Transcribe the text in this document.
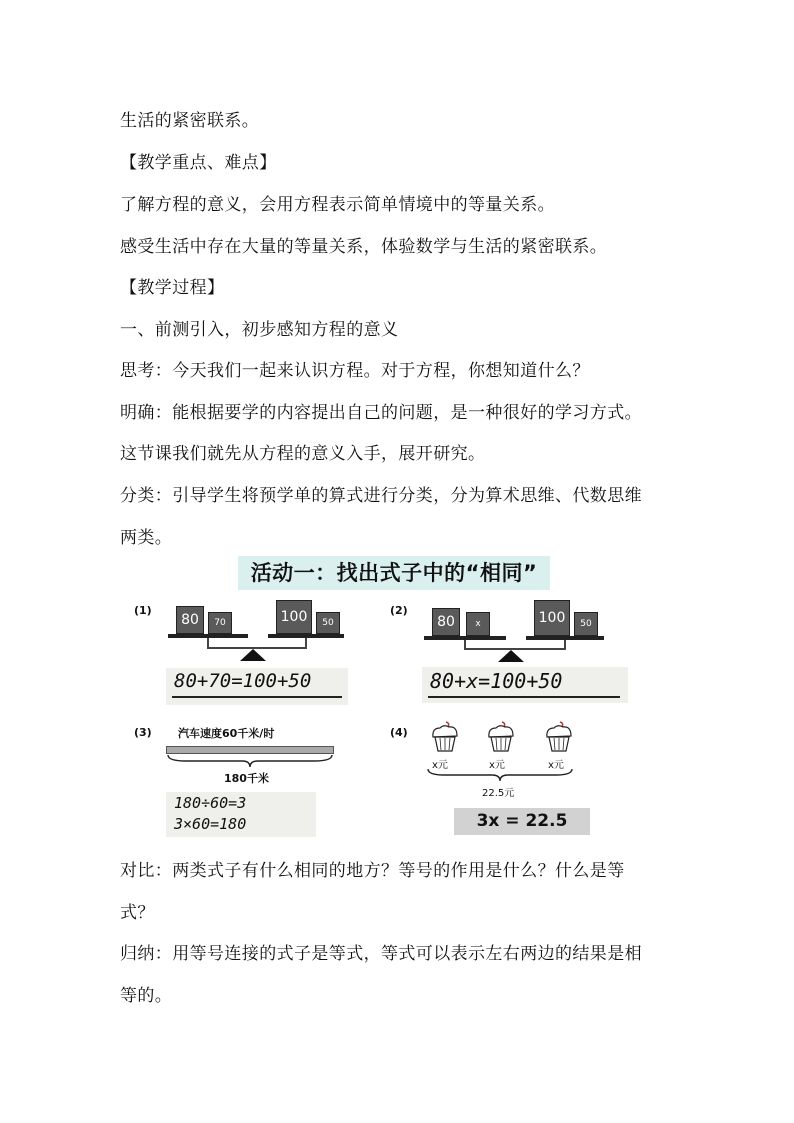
生活的紧密联系。
【教学重点、难点】
了解方程的意义，会用方程表示简单情境中的等量关系。
感受生活中存在大量的等量关系，体验数学与生活的紧密联系。
【教学过程】
一、前测引入，初步感知方程的意义
思考：今天我们一起来认识方程。对于方程，你想知道什么？
明确：能根据要学的内容提出自己的问题，是一种很好的学习方式。
这节课我们就先从方程的意义入手，展开研究。
分类：引导学生将预学单的算式进行分类，分为算术思维、代数思维
两类。
活动一：找出式子中的“相同”
(1)
80	70	100	50
80+70=100+50
(2)
80	x	100	50
80+x=100+50
(3) 汽车速度60千米/时
180千米
180÷60=3
3×60=180
(4)
x元	x元	x元
22.5元
3x = 22.5
对比：两类式子有什么相同的地方？等号的作用是什么？什么是等
式？
归纳：用等号连接的式子是等式，等式可以表示左右两边的结果是相
等的。
